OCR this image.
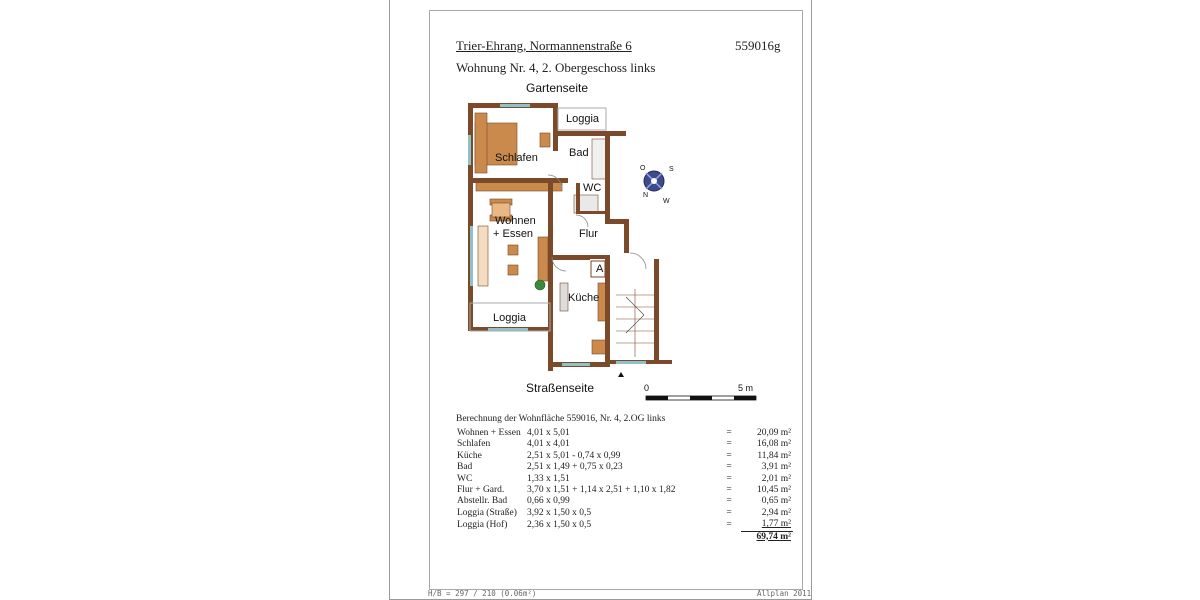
Trier-Ehrang, Normannenstraße 6	559016g
Wohnung Nr. 4, 2. Obergeschoss links
Loggia
Schlafen	Bad
WC
Wohnen
+ Essen	Flur
A
Küche
Loggia
Gartenseite
Straßenseite
O	S
N
W
0	5 m
Berechnung der Wohnfläche 559016, Nr. 4, 2.OG links
Wohnen + Essen	4,01 x 5,01	=	20,09 m²
Schlafen	4,01 x 4,01	=	16,08 m²
Küche	2,51 x 5,01 - 0,74 x 0,99	=	11,84 m²
Bad	2,51 x 1,49 + 0,75 x 0,23	=	3,91 m²
WC	1,33 x 1,51	=	2,01 m²
Flur + Gard.	3,70 x 1,51 + 1,14 x 2,51 + 1,10 x 1,82	=	10,45 m²
Abstellr. Bad	0,66 x 0,99	=	0,65 m²
Loggia (Straße)	3,92 x 1,50 x 0,5	=	2,94 m²
Loggia (Hof)	2,36 x 1,50 x 0,5	=	1,77 m²
			69,74 m²
H/B = 297 / 210 (0.06m²)	Allplan 2011
